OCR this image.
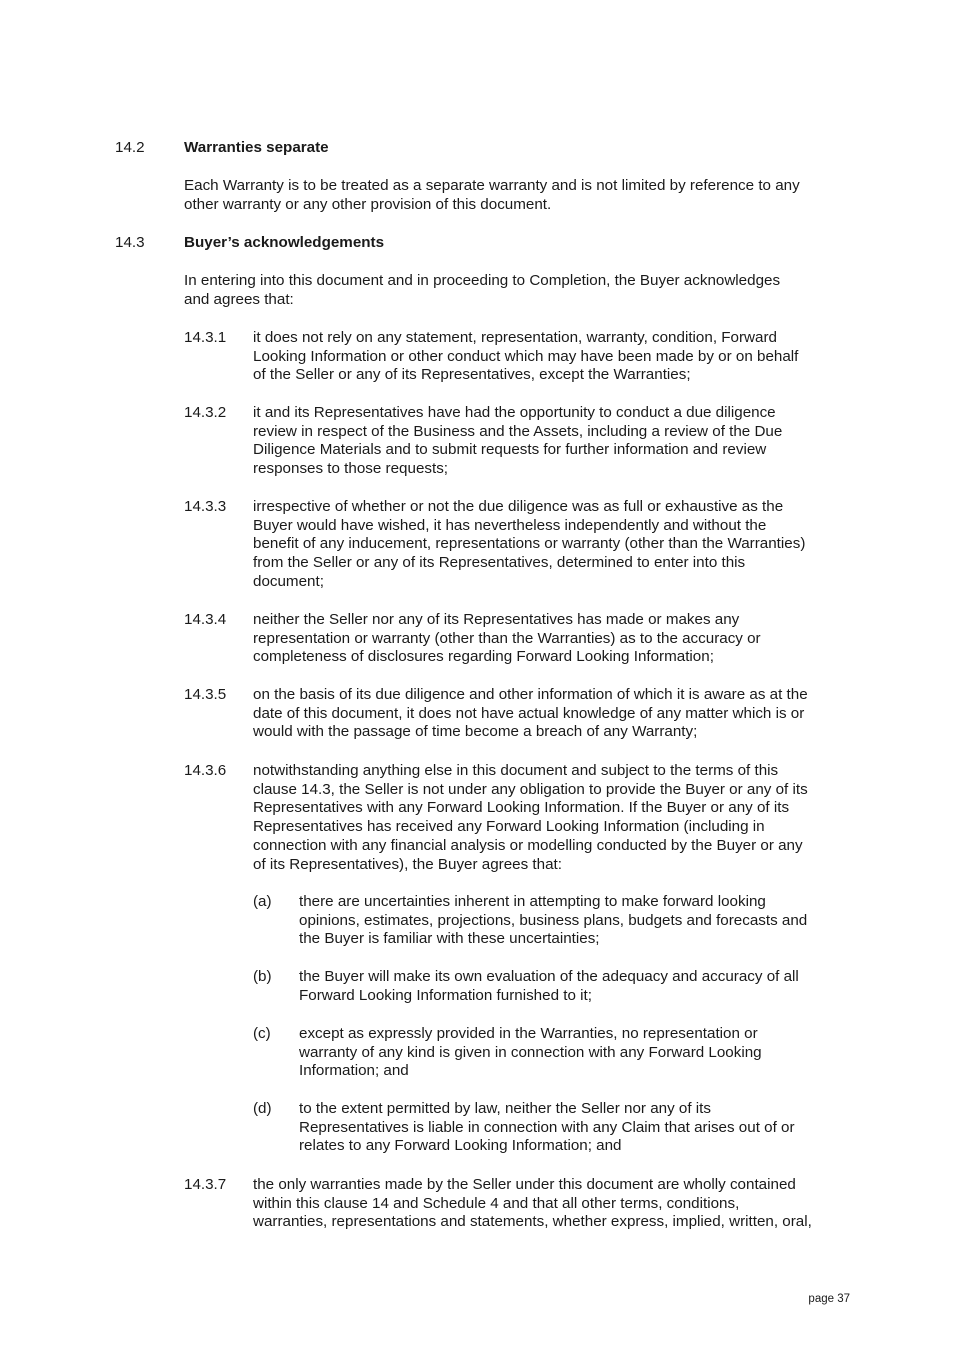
14.2	Warranties separate
Each Warranty is to be treated as a separate warranty and is not limited by reference to any
other warranty or any other provision of this document.
14.3	Buyer’s acknowledgements
In entering into this document and in proceeding to Completion, the Buyer acknowledges
and agrees that:
14.3.1 it does not rely on any statement, representation, warranty, condition, Forward
Looking Information or other conduct which may have been made by or on behalf
of the Seller or any of its Representatives, except the Warranties;
14.3.2 it and its Representatives have had the opportunity to conduct a due diligence
review in respect of the Business and the Assets, including a review of the Due
Diligence Materials and to submit requests for further information and review
responses to those requests;
14.3.3 irrespective of whether or not the due diligence was as full or exhaustive as the
Buyer would have wished, it has nevertheless independently and without the
benefit of any inducement, representations or warranty (other than the Warranties)
from the Seller or any of its Representatives, determined to enter into this
document;
14.3.4 neither the Seller nor any of its Representatives has made or makes any
representation or warranty (other than the Warranties) as to the accuracy or
completeness of disclosures regarding Forward Looking Information;
14.3.5 on the basis of its due diligence and other information of which it is aware as at the
date of this document, it does not have actual knowledge of any matter which is or
would with the passage of time become a breach of any Warranty;
14.3.6 notwithstanding anything else in this document and subject to the terms of this
clause 14.3, the Seller is not under any obligation to provide the Buyer or any of its
Representatives with any Forward Looking Information. If the Buyer or any of its
Representatives has received any Forward Looking Information (including in
connection with any financial analysis or modelling conducted by the Buyer or any
of its Representatives), the Buyer agrees that:
(a) there are uncertainties inherent in attempting to make forward looking
opinions, estimates, projections, business plans, budgets and forecasts and
the Buyer is familiar with these uncertainties;
(b) the Buyer will make its own evaluation of the adequacy and accuracy of all
Forward Looking Information furnished to it;
(c) except as expressly provided in the Warranties, no representation or
warranty of any kind is given in connection with any Forward Looking
Information; and
(d) to the extent permitted by law, neither the Seller nor any of its
Representatives is liable in connection with any Claim that arises out of or
relates to any Forward Looking Information; and
14.3.7 the only warranties made by the Seller under this document are wholly contained
within this clause 14 and Schedule 4 and that all other terms, conditions,
warranties, representations and statements, whether express, implied, written, oral,
page 37
